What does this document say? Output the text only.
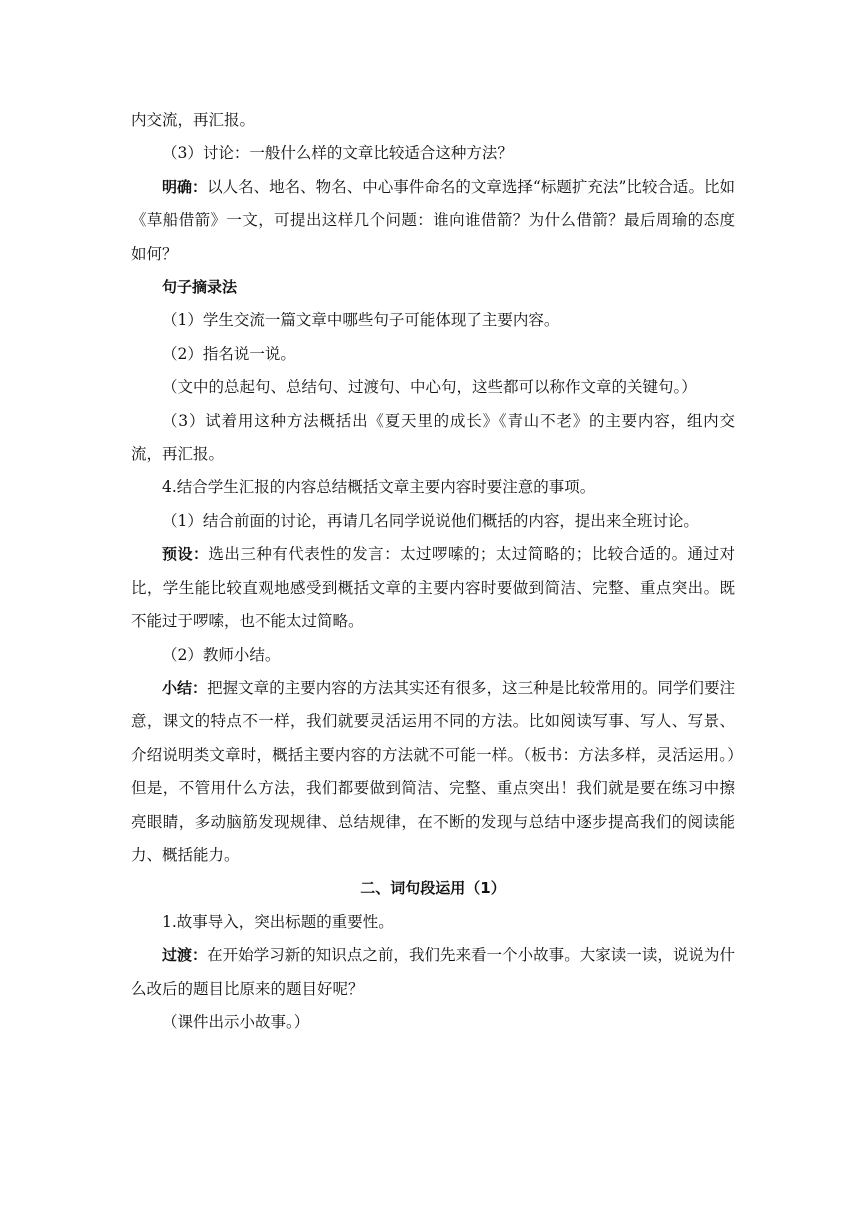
内交流，再汇报。

（3）讨论：一般什么样的文章比较适合这种方法？

明确：以人名、地名、物名、中心事件命名的文章选择“标题扩充法”比较合适。比如《草船借箭》一文，可提出这样几个问题：谁向谁借箭？为什么借箭？最后周瑜的态度如何？

句子摘录法

（1）学生交流一篇文章中哪些句子可能体现了主要内容。

（2）指名说一说。

（文中的总起句、总结句、过渡句、中心句，这些都可以称作文章的关键句。）

（3）试着用这种方法概括出《夏天里的成长》《青山不老》的主要内容，组内交流，再汇报。

4.结合学生汇报的内容总结概括文章主要内容时要注意的事项。

（1）结合前面的讨论，再请几名同学说说他们概括的内容，提出来全班讨论。

预设：选出三种有代表性的发言：太过啰嗦的；太过简略的；比较合适的。通过对比，学生能比较直观地感受到概括文章的主要内容时要做到简洁、完整、重点突出。既不能过于啰嗦，也不能太过简略。

（2）教师小结。

小结：把握文章的主要内容的方法其实还有很多，这三种是比较常用的。同学们要注意，课文的特点不一样，我们就要灵活运用不同的方法。比如阅读写事、写人、写景、介绍说明类文章时，概括主要内容的方法就不可能一样。（板书：方法多样，灵活运用。）但是，不管用什么方法，我们都要做到简洁、完整、重点突出！我们就是要在练习中擦亮眼睛，多动脑筋发现规律、总结规律，在不断的发现与总结中逐步提高我们的阅读能力、概括能力。

二、词句段运用（1）

1.故事导入，突出标题的重要性。

过渡：在开始学习新的知识点之前，我们先来看一个小故事。大家读一读，说说为什么改后的题目比原来的题目好呢？

（课件出示小故事。）
